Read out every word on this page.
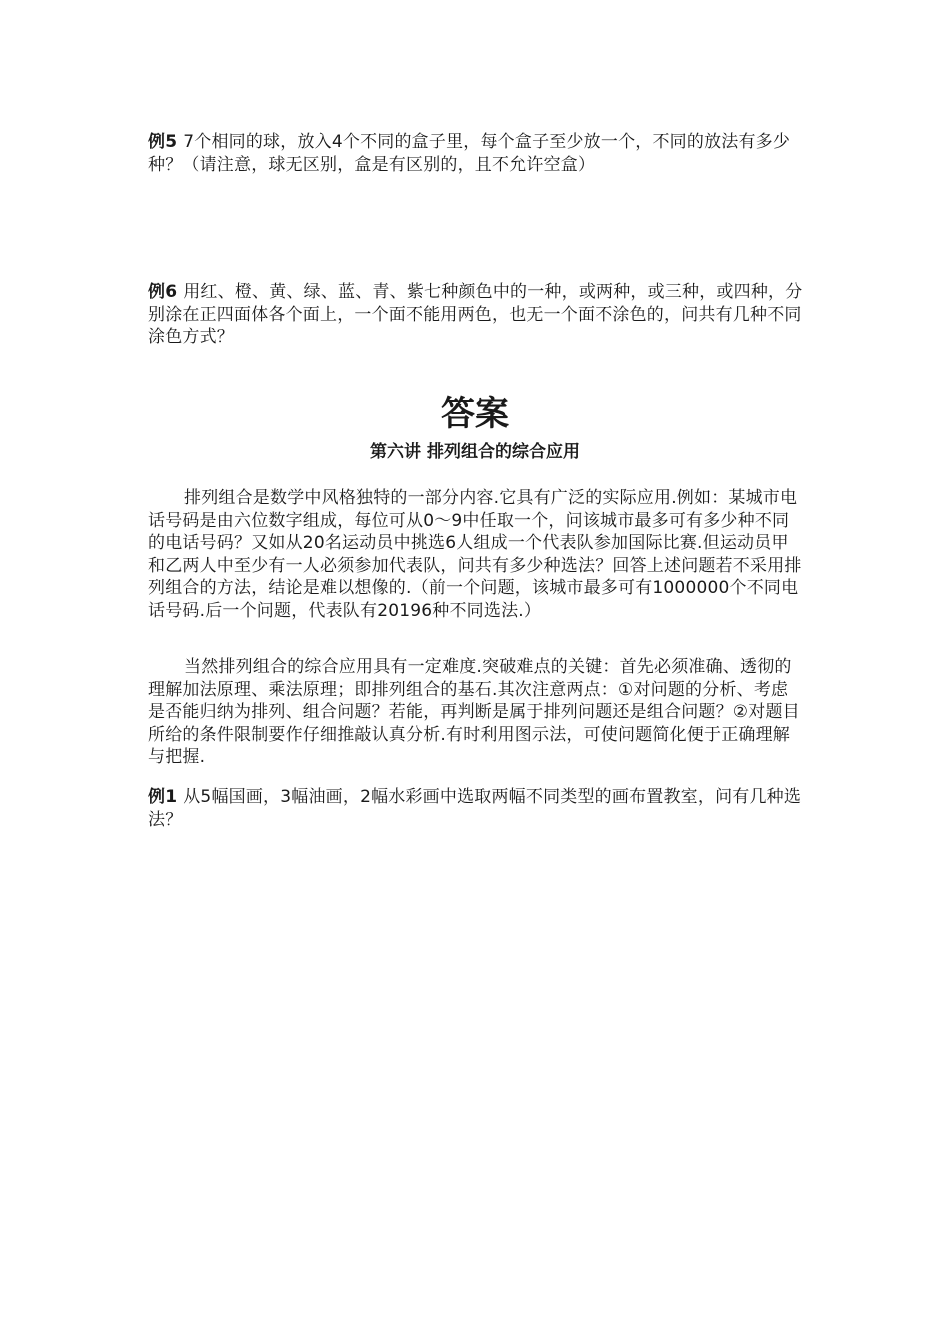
例5 7个相同的球，放入4个不同的盒子里，每个盒子至少放一个，不同的放法有多少种？（请注意，球无区别，盒是有区别的，且不允许空盒）
例6 用红、橙、黄、绿、蓝、青、紫七种颜色中的一种，或两种，或三种，或四种，分别涂在正四面体各个面上，一个面不能用两色，也无一个面不涂色的，问共有几种不同涂色方式？
答案
第六讲 排列组合的综合应用
排列组合是数学中风格独特的一部分内容.它具有广泛的实际应用.例如：某城市电话号码是由六位数字组成，每位可从0～9中任取一个，问该城市最多可有多少种不同的电话号码？又如从20名运动员中挑选6人组成一个代表队参加国际比赛.但运动员甲和乙两人中至少有一人必须参加代表队，问共有多少种选法？回答上述问题若不采用排列组合的方法，结论是难以想像的.（前一个问题，该城市最多可有1000000个不同电话号码.后一个问题，代表队有20196种不同选法.）
当然排列组合的综合应用具有一定难度.突破难点的关键：首先必须准确、透彻的理解加法原理、乘法原理；即排列组合的基石.其次注意两点：①对问题的分析、考虑是否能归纳为排列、组合问题？若能，再判断是属于排列问题还是组合问题？②对题目所给的条件限制要作仔细推敲认真分析.有时利用图示法，可使问题简化便于正确理解与把握.
例1 从5幅国画，3幅油画，2幅水彩画中选取两幅不同类型的画布置教室，问有几种选法？
